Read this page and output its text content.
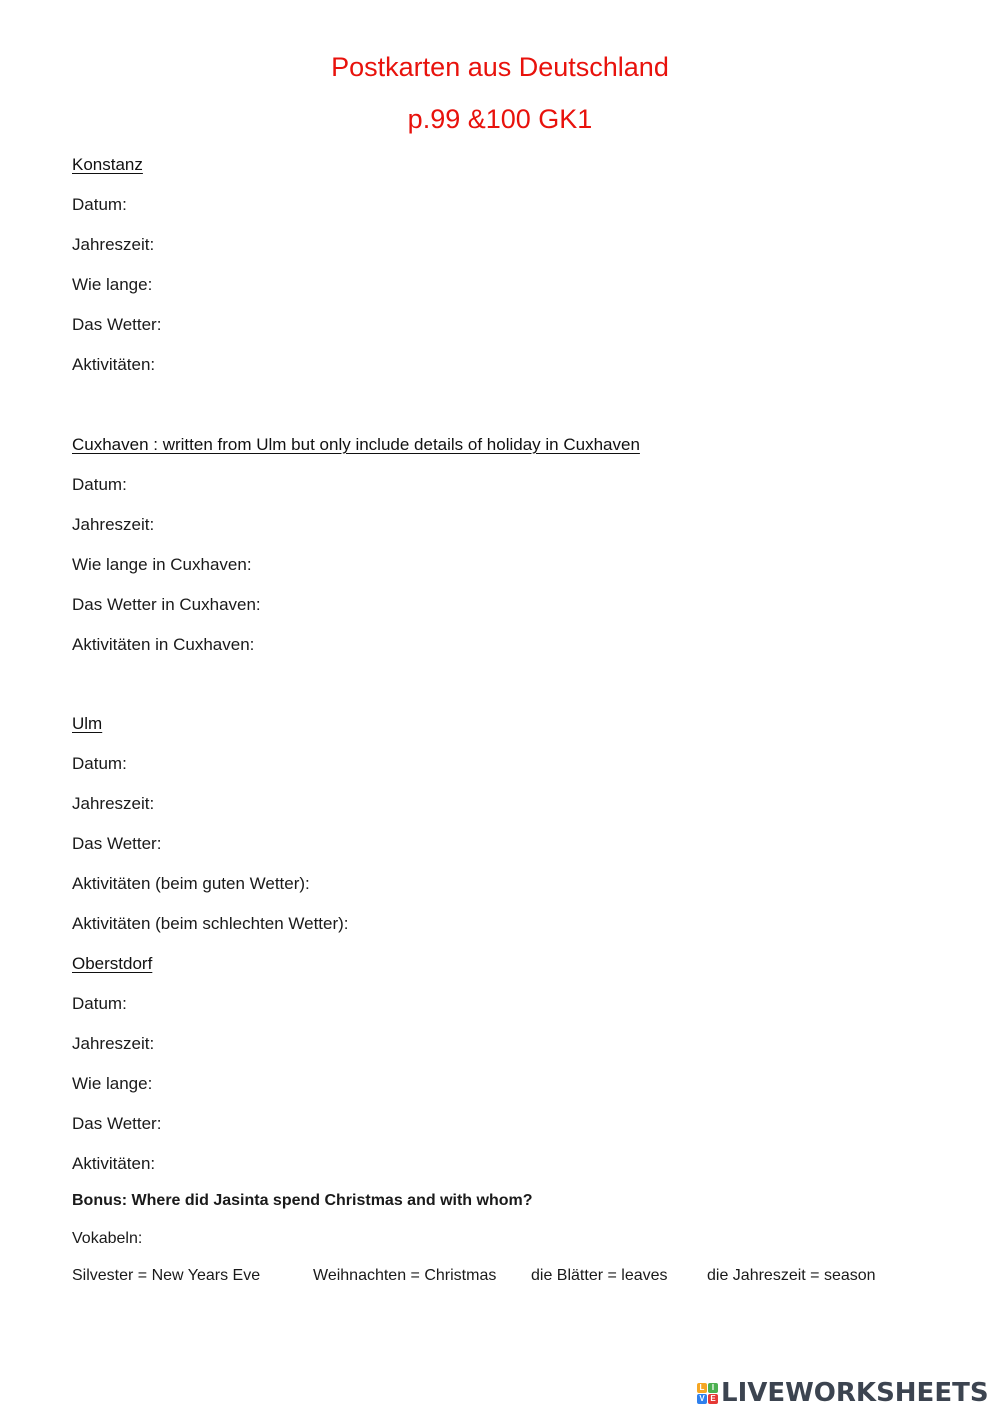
Postkarten aus Deutschland
p.99 &100 GK1

Konstanz

Datum:

Jahreszeit:

Wie lange:

Das Wetter:

Aktivitäten:

Cuxhaven : written from Ulm but only include details of holiday in Cuxhaven

Datum:

Jahreszeit:

Wie lange in Cuxhaven:

Das Wetter in Cuxhaven:

Aktivitäten in Cuxhaven:

Ulm

Datum:

Jahreszeit:

Das Wetter:

Aktivitäten (beim guten Wetter):

Aktivitäten (beim schlechten Wetter):

Oberstdorf

Datum:

Jahreszeit:

Wie lange:

Das Wetter:

Aktivitäten:

Bonus: Where did Jasinta spend Christmas and with whom?

Vokabeln:

Silvester = New Years Eve	Weihnachten = Christmas die Blätter = leaves die Jahreszeit = season
L I
V E LIVEWORKSHEETS
